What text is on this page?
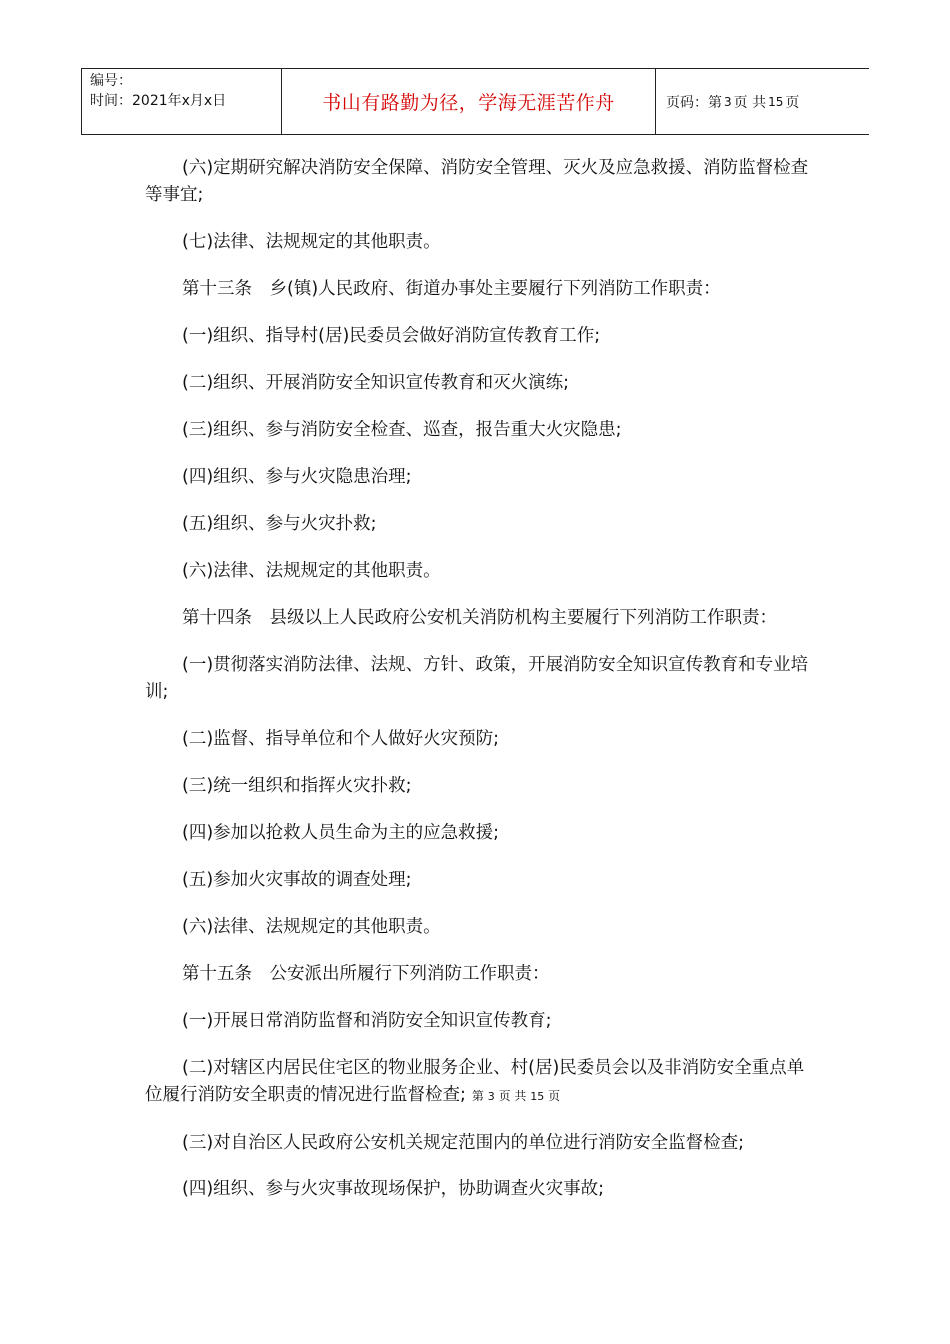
编号：
时间：2021年x月x日	书山有路勤为径，学海无涯苦作舟	页码：第 3 页 共 15 页

(六)定期研究解决消防安全保障、消防安全管理、灭火及应急救援、消防监督检查等事宜;

(七)法律、法规规定的其他职责。

第十三条　乡(镇)人民政府、街道办事处主要履行下列消防工作职责：

(一)组织、指导村(居)民委员会做好消防宣传教育工作;

(二)组织、开展消防安全知识宣传教育和灭火演练;

(三)组织、参与消防安全检查、巡查，报告重大火灾隐患;

(四)组织、参与火灾隐患治理;

(五)组织、参与火灾扑救;

(六)法律、法规规定的其他职责。

第十四条　县级以上人民政府公安机关消防机构主要履行下列消防工作职责：

(一)贯彻落实消防法律、法规、方针、政策，开展消防安全知识宣传教育和专业培训;

(二)监督、指导单位和个人做好火灾预防;

(三)统一组织和指挥火灾扑救;

(四)参加以抢救人员生命为主的应急救援;

(五)参加火灾事故的调查处理;

(六)法律、法规规定的其他职责。

第十五条　公安派出所履行下列消防工作职责：

(一)开展日常消防监督和消防安全知识宣传教育;

(二)对辖区内居民住宅区的物业服务企业、村(居)民委员会以及非消防安全重点单位履行消防安全职责的情况进行监督检查; 第 3 页 共 15 页

(三)对自治区人民政府公安机关规定范围内的单位进行消防安全监督检查;

(四)组织、参与火灾事故现场保护，协助调查火灾事故;
